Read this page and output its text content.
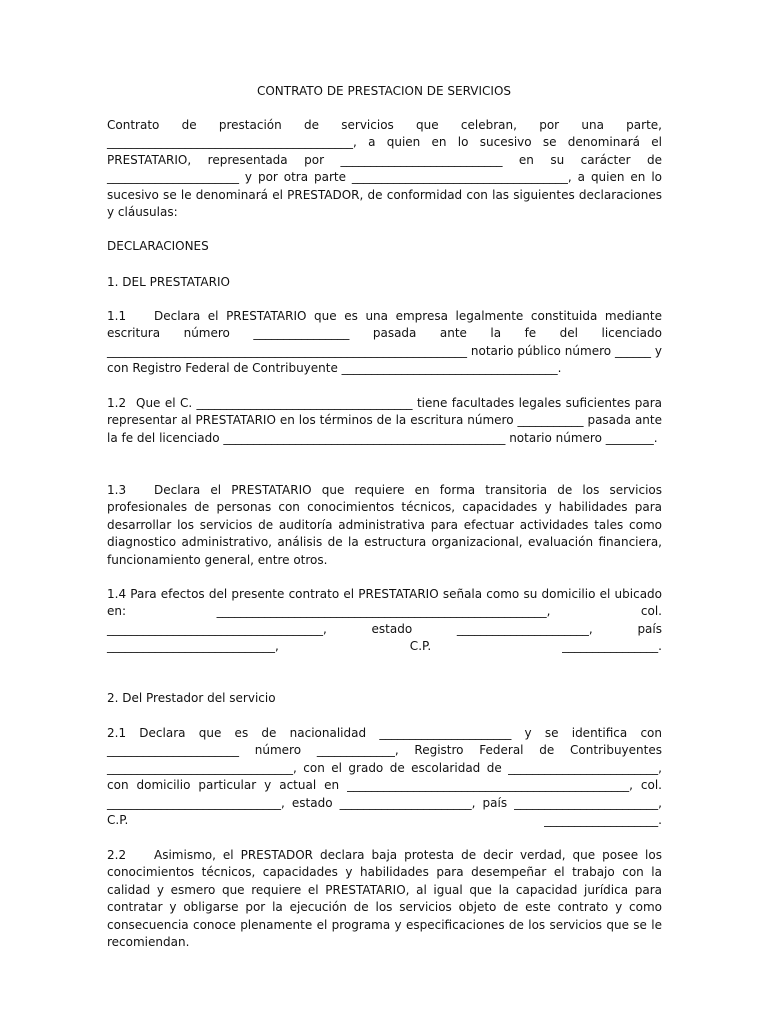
CONTRATO DE PRESTACION DE SERVICIOS

Contrato de prestación de servicios que celebran, por una parte, _________________________________________, a quien en lo sucesivo se denominará el PRESTATARIO, representada por ___________________________ en su carácter de ______________________ y por otra parte ____________________________________, a quien en lo sucesivo se le denominará el PRESTADOR, de conformidad con las siguientes declaraciones y cláusulas:

DECLARACIONES

1. DEL PRESTATARIO

1.1 Declara el PRESTATARIO que es una empresa legalmente constituida mediante escritura número ________________ pasada ante la fe del licenciado ____________________________________________________________ notario público número ______ y con Registro Federal de Contribuyente ____________________________________.

1.2 Que el C. ____________________________________ tiene facultades legales suficientes para representar al PRESTATARIO en los términos de la escritura número ___________ pasada ante la fe del licenciado _______________________________________________ notario número ________.

1.3 Declara el PRESTATARIO que requiere en forma transitoria de los servicios profesionales de personas con conocimientos técnicos, capacidades y habilidades para desarrollar los servicios de auditoría administrativa para efectuar actividades tales como diagnostico administrativo, análisis de la estructura organizacional, evaluación financiera, funcionamiento general, entre otros.

1.4 Para efectos del presente contrato el PRESTATARIO señala como su domicilio el ubicado en: _______________________________________________________, col. ____________________________________, estado ______________________, país ____________________________, C.P. ________________.

2. Del Prestador del servicio

2.1 Declara que es de nacionalidad ______________________ y se identifica con ______________________ número _____________, Registro Federal de Contribuyentes _______________________________, con el grado de escolaridad de _________________________, con domicilio particular y actual en _______________________________________________, col. _____________________________, estado ______________________, país ________________________, C.P. ___________________.

2.2 Asimismo, el PRESTADOR declara baja protesta de decir verdad, que posee los conocimientos técnicos, capacidades y habilidades para desempeñar el trabajo con la calidad y esmero que requiere el PRESTATARIO, al igual que la capacidad jurídica para contratar y obligarse por la ejecución de los servicios objeto de este contrato y como consecuencia conoce plenamente el programa y especificaciones de los servicios que se le recomiendan.
